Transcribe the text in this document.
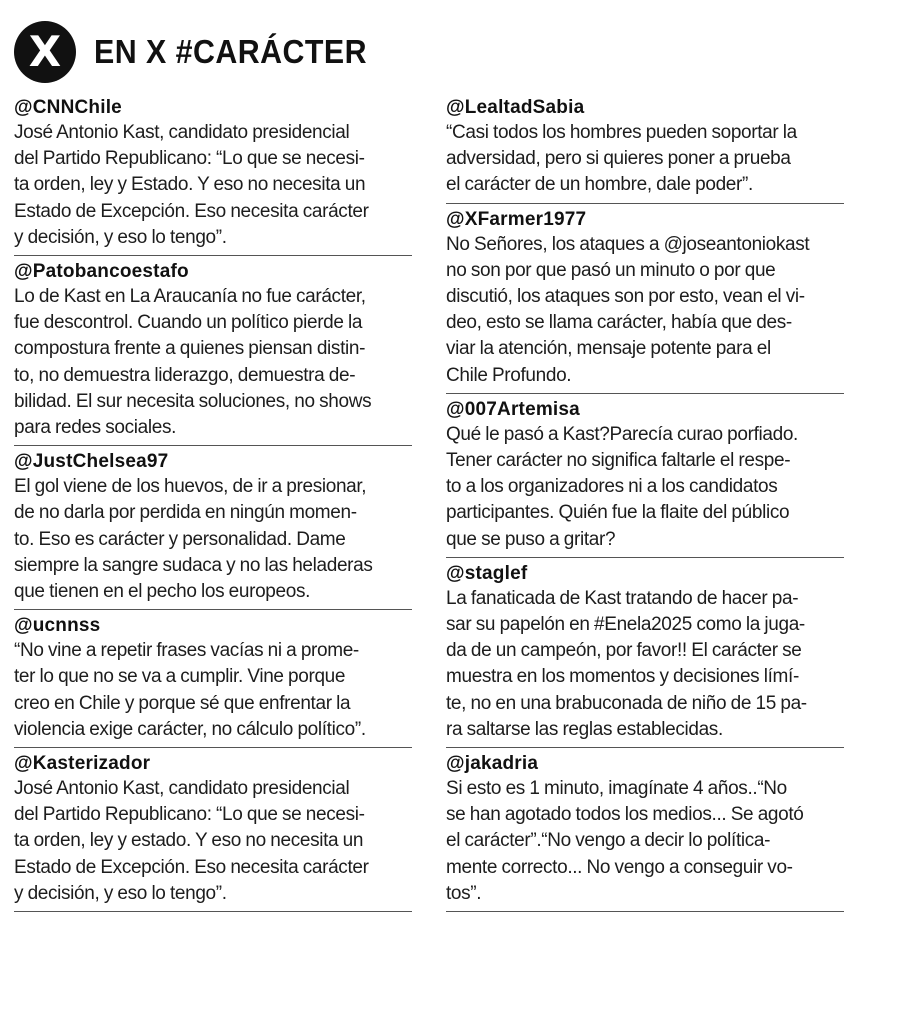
X EN X #CARÁCTER
@CNNChile
José Antonio Kast, candidato presidencial
del Partido Republicano: “Lo que se necesi-
ta orden, ley y Estado. Y eso no necesita un
Estado de Excepción. Eso necesita carácter
y decisión, y eso lo tengo”.
@Patobancoestafo
Lo de Kast en La Araucanía no fue carácter,
fue descontrol. Cuando un político pierde la
compostura frente a quienes piensan distin-
to, no demuestra liderazgo, demuestra de-
bilidad. El sur necesita soluciones, no shows
para redes sociales.
@JustChelsea97
El gol viene de los huevos, de ir a presionar,
de no darla por perdida en ningún momen-
to. Eso es carácter y personalidad. Dame
siempre la sangre sudaca y no las heladeras
que tienen en el pecho los europeos.
@ucnnss
“No vine a repetir frases vacías ni a prome-
ter lo que no se va a cumplir. Vine porque
creo en Chile y porque sé que enfrentar la
violencia exige carácter, no cálculo político”.
@Kasterizador
José Antonio Kast, candidato presidencial
del Partido Republicano: “Lo que se necesi-
ta orden, ley y estado. Y eso no necesita un
Estado de Excepción. Eso necesita carácter
y decisión, y eso lo tengo”.
@LealtadSabia
“Casi todos los hombres pueden soportar la
adversidad, pero si quieres poner a prueba
el carácter de un hombre, dale poder”.
@XFarmer1977
No Señores, los ataques a @joseantoniokast
no son por que pasó un minuto o por que
discutió, los ataques son por esto, vean el vi-
deo, esto se llama carácter, había que des-
viar la atención, mensaje potente para el
Chile Profundo.
@007Artemisa
Qué le pasó a Kast?Parecía curao porfiado.
Tener carácter no significa faltarle el respe-
to a los organizadores ni a los candidatos
participantes. Quién fue la flaite del público
que se puso a gritar?
@staglef
La fanaticada de Kast tratando de hacer pa-
sar su papelón en #Enela2025 como la juga-
da de un campeón, por favor!! El carácter se
muestra en los momentos y decisiones límí-
te, no en una brabuconada de niño de 15 pa-
ra saltarse las reglas establecidas.
@jakadria
Si esto es 1 minuto, imagínate 4 años..“No
se han agotado todos los medios... Se agotó
el carácter”.“No vengo a decir lo política-
mente correcto... No vengo a conseguir vo-
tos”.
